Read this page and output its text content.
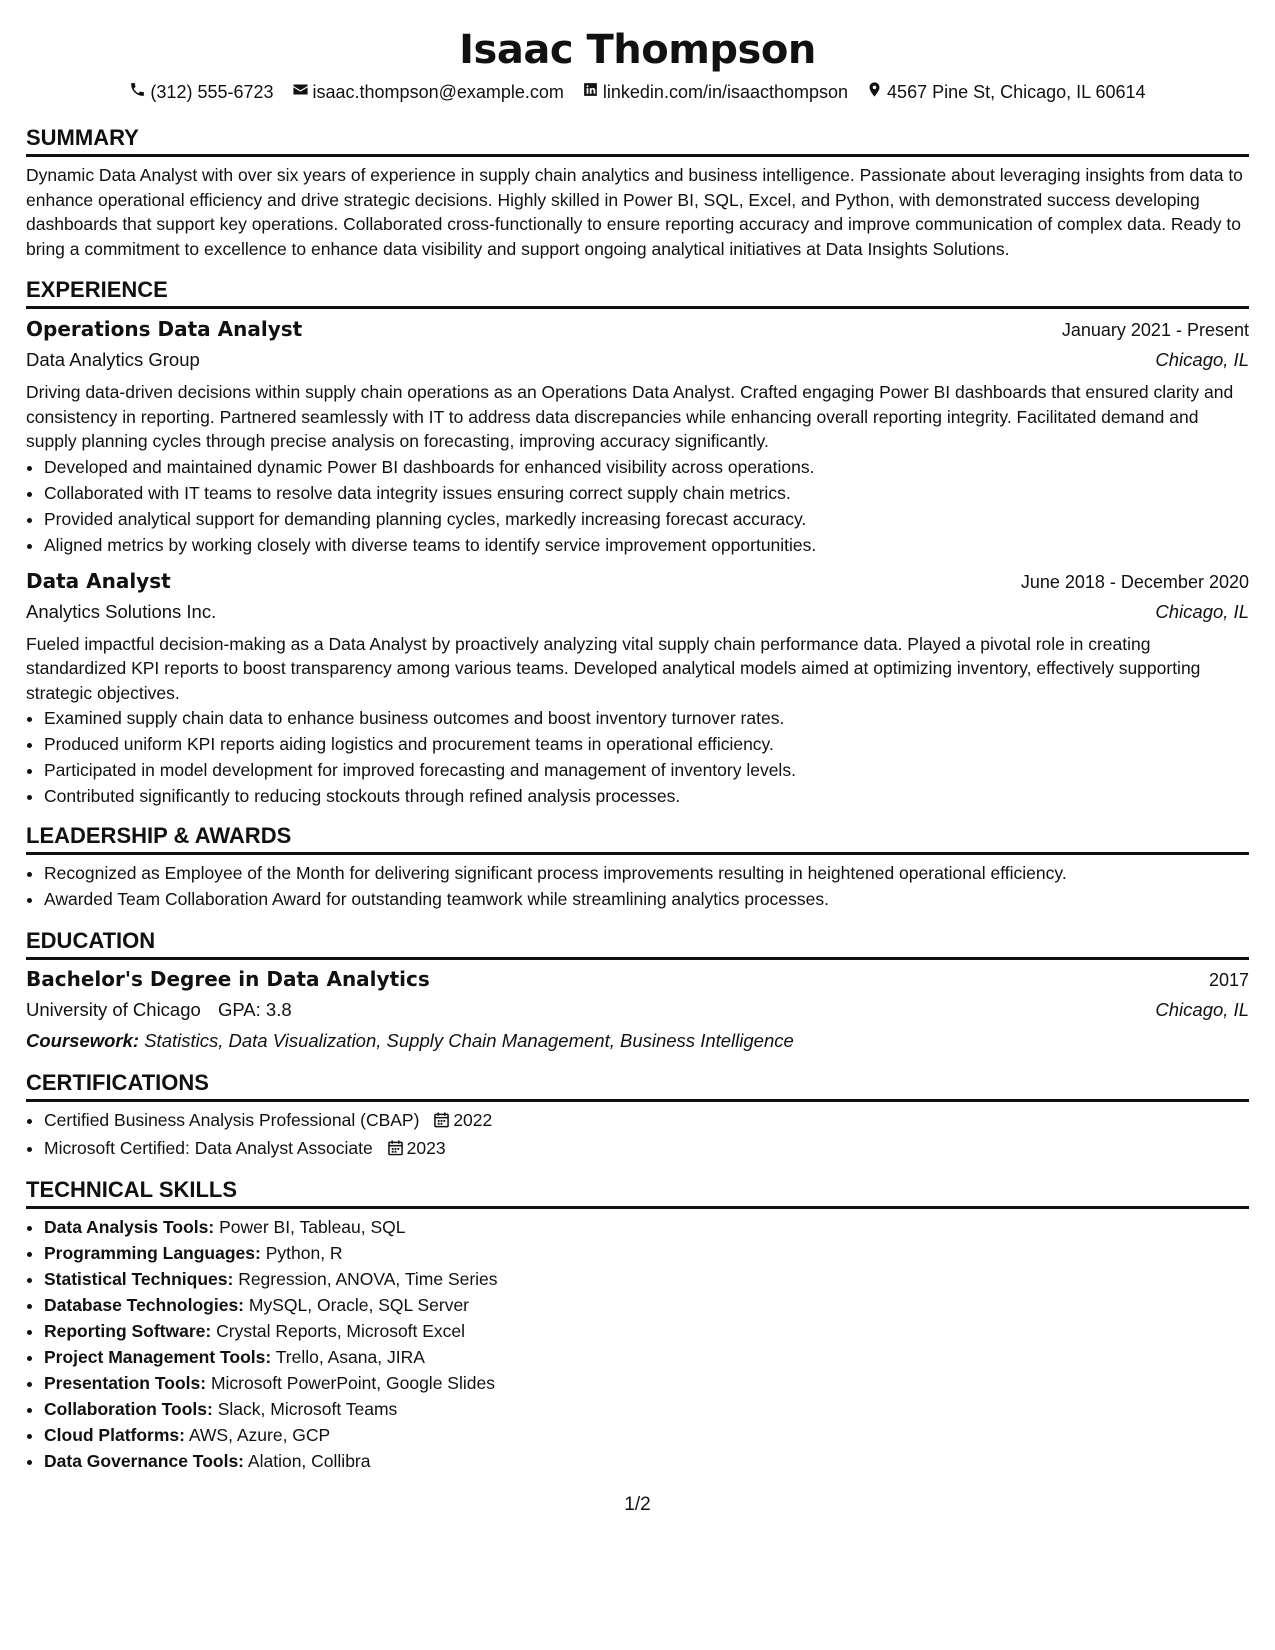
Isaac Thompson
(312) 555-6723 isaac.thompson@example.com linkedin.com/in/isaacthompson 4567 Pine St, Chicago, IL 60614
SUMMARY

Dynamic Data Analyst with over six years of experience in supply chain analytics and business intelligence. Passionate about leveraging insights from data to enhance operational efficiency and drive strategic decisions. Highly skilled in Power BI, SQL, Excel, and Python, with demonstrated success developing dashboards that support key operations. Collaborated cross-functionally to ensure reporting accuracy and improve communication of complex data. Ready to bring a commitment to excellence to enhance data visibility and support ongoing analytical initiatives at Data Insights Solutions.

EXPERIENCE
Operations Data Analyst	January 2021 - Present
Data Analytics Group	Chicago, IL

Driving data-driven decisions within supply chain operations as an Operations Data Analyst. Crafted engaging Power BI dashboards that ensured clarity and consistency in reporting. Partnered seamlessly with IT to address data discrepancies while enhancing overall reporting integrity. Facilitated demand and supply planning cycles through precise analysis on forecasting, improving accuracy significantly.

• Developed and maintained dynamic Power BI dashboards for enhanced visibility across operations.
• Collaborated with IT teams to resolve data integrity issues ensuring correct supply chain metrics.
• Provided analytical support for demanding planning cycles, markedly increasing forecast accuracy.
• Aligned metrics by working closely with diverse teams to identify service improvement opportunities.
Data Analyst	June 2018 - December 2020
Analytics Solutions Inc.	Chicago, IL

Fueled impactful decision-making as a Data Analyst by proactively analyzing vital supply chain performance data. Played a pivotal role in creating standardized KPI reports to boost transparency among various teams. Developed analytical models aimed at optimizing inventory, effectively supporting strategic objectives.

• Examined supply chain data to enhance business outcomes and boost inventory turnover rates.
• Produced uniform KPI reports aiding logistics and procurement teams in operational efficiency.
• Participated in model development for improved forecasting and management of inventory levels.
• Contributed significantly to reducing stockouts through refined analysis processes.
LEADERSHIP & AWARDS
• Recognized as Employee of the Month for delivering significant process improvements resulting in heightened operational efficiency.
• Awarded Team Collaboration Award for outstanding teamwork while streamlining analytics processes.
EDUCATION
Bachelor's Degree in Data Analytics	2017
University of Chicago GPA: 3.8	Chicago, IL
Coursework: Statistics, Data Visualization, Supply Chain Management, Business Intelligence
CERTIFICATIONS
• Certified Business Analysis Professional (CBAP) 2022
• Microsoft Certified: Data Analyst Associate 2023
TECHNICAL SKILLS
• Data Analysis Tools: Power BI, Tableau, SQL
• Programming Languages: Python, R
• Statistical Techniques: Regression, ANOVA, Time Series
• Database Technologies: MySQL, Oracle, SQL Server
• Reporting Software: Crystal Reports, Microsoft Excel
• Project Management Tools: Trello, Asana, JIRA
• Presentation Tools: Microsoft PowerPoint, Google Slides
• Collaboration Tools: Slack, Microsoft Teams
• Cloud Platforms: AWS, Azure, GCP
• Data Governance Tools: Alation, Collibra
1/2
